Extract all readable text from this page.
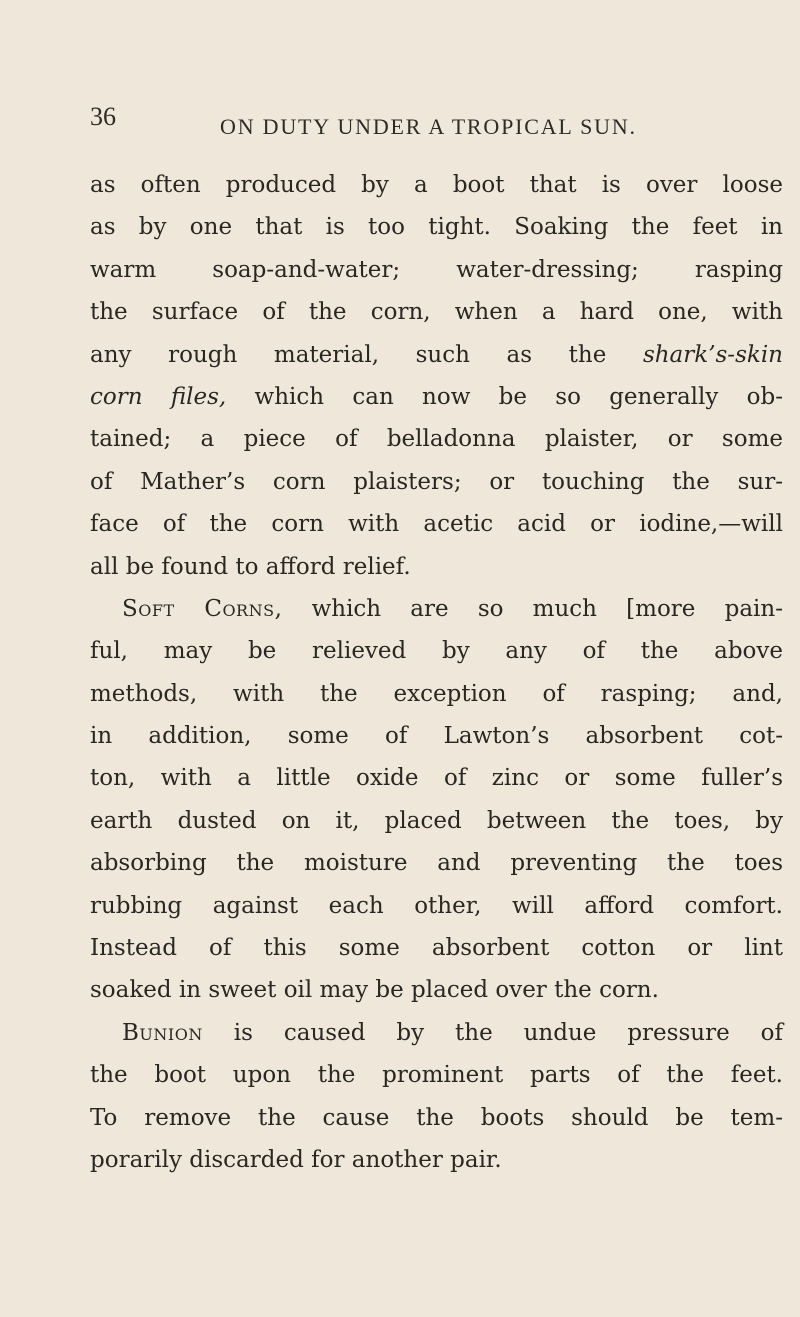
36	ON DUTY UNDER A TROPICAL SUN.
as often produced by a boot that is over loose
as by one that is too tight. Soaking the feet in
warm soap-and-water; water-dressing; rasping
the surface of the corn, when a hard one, with
any rough material, such as the shark’s-skin
corn files, which can now be so generally ob-
tained; a piece of belladonna plaister, or some
of Mather’s corn plaisters; or touching the sur-
face of the corn with acetic acid or iodine,—will
all be found to afford relief.
Soft Corns, which are so much [more pain-
ful, may be relieved by any of the above
methods, with the exception of rasping; and,
in addition, some of Lawton’s absorbent cot-
ton, with a little oxide of zinc or some fuller’s
earth dusted on it, placed between the toes, by
absorbing the moisture and preventing the toes
rubbing against each other, will afford comfort.
Instead of this some absorbent cotton or lint
soaked in sweet oil may be placed over the corn.
Bunion is caused by the undue pressure of
the boot upon the prominent parts of the feet.
To remove the cause the boots should be tem-
porarily discarded for another pair.
